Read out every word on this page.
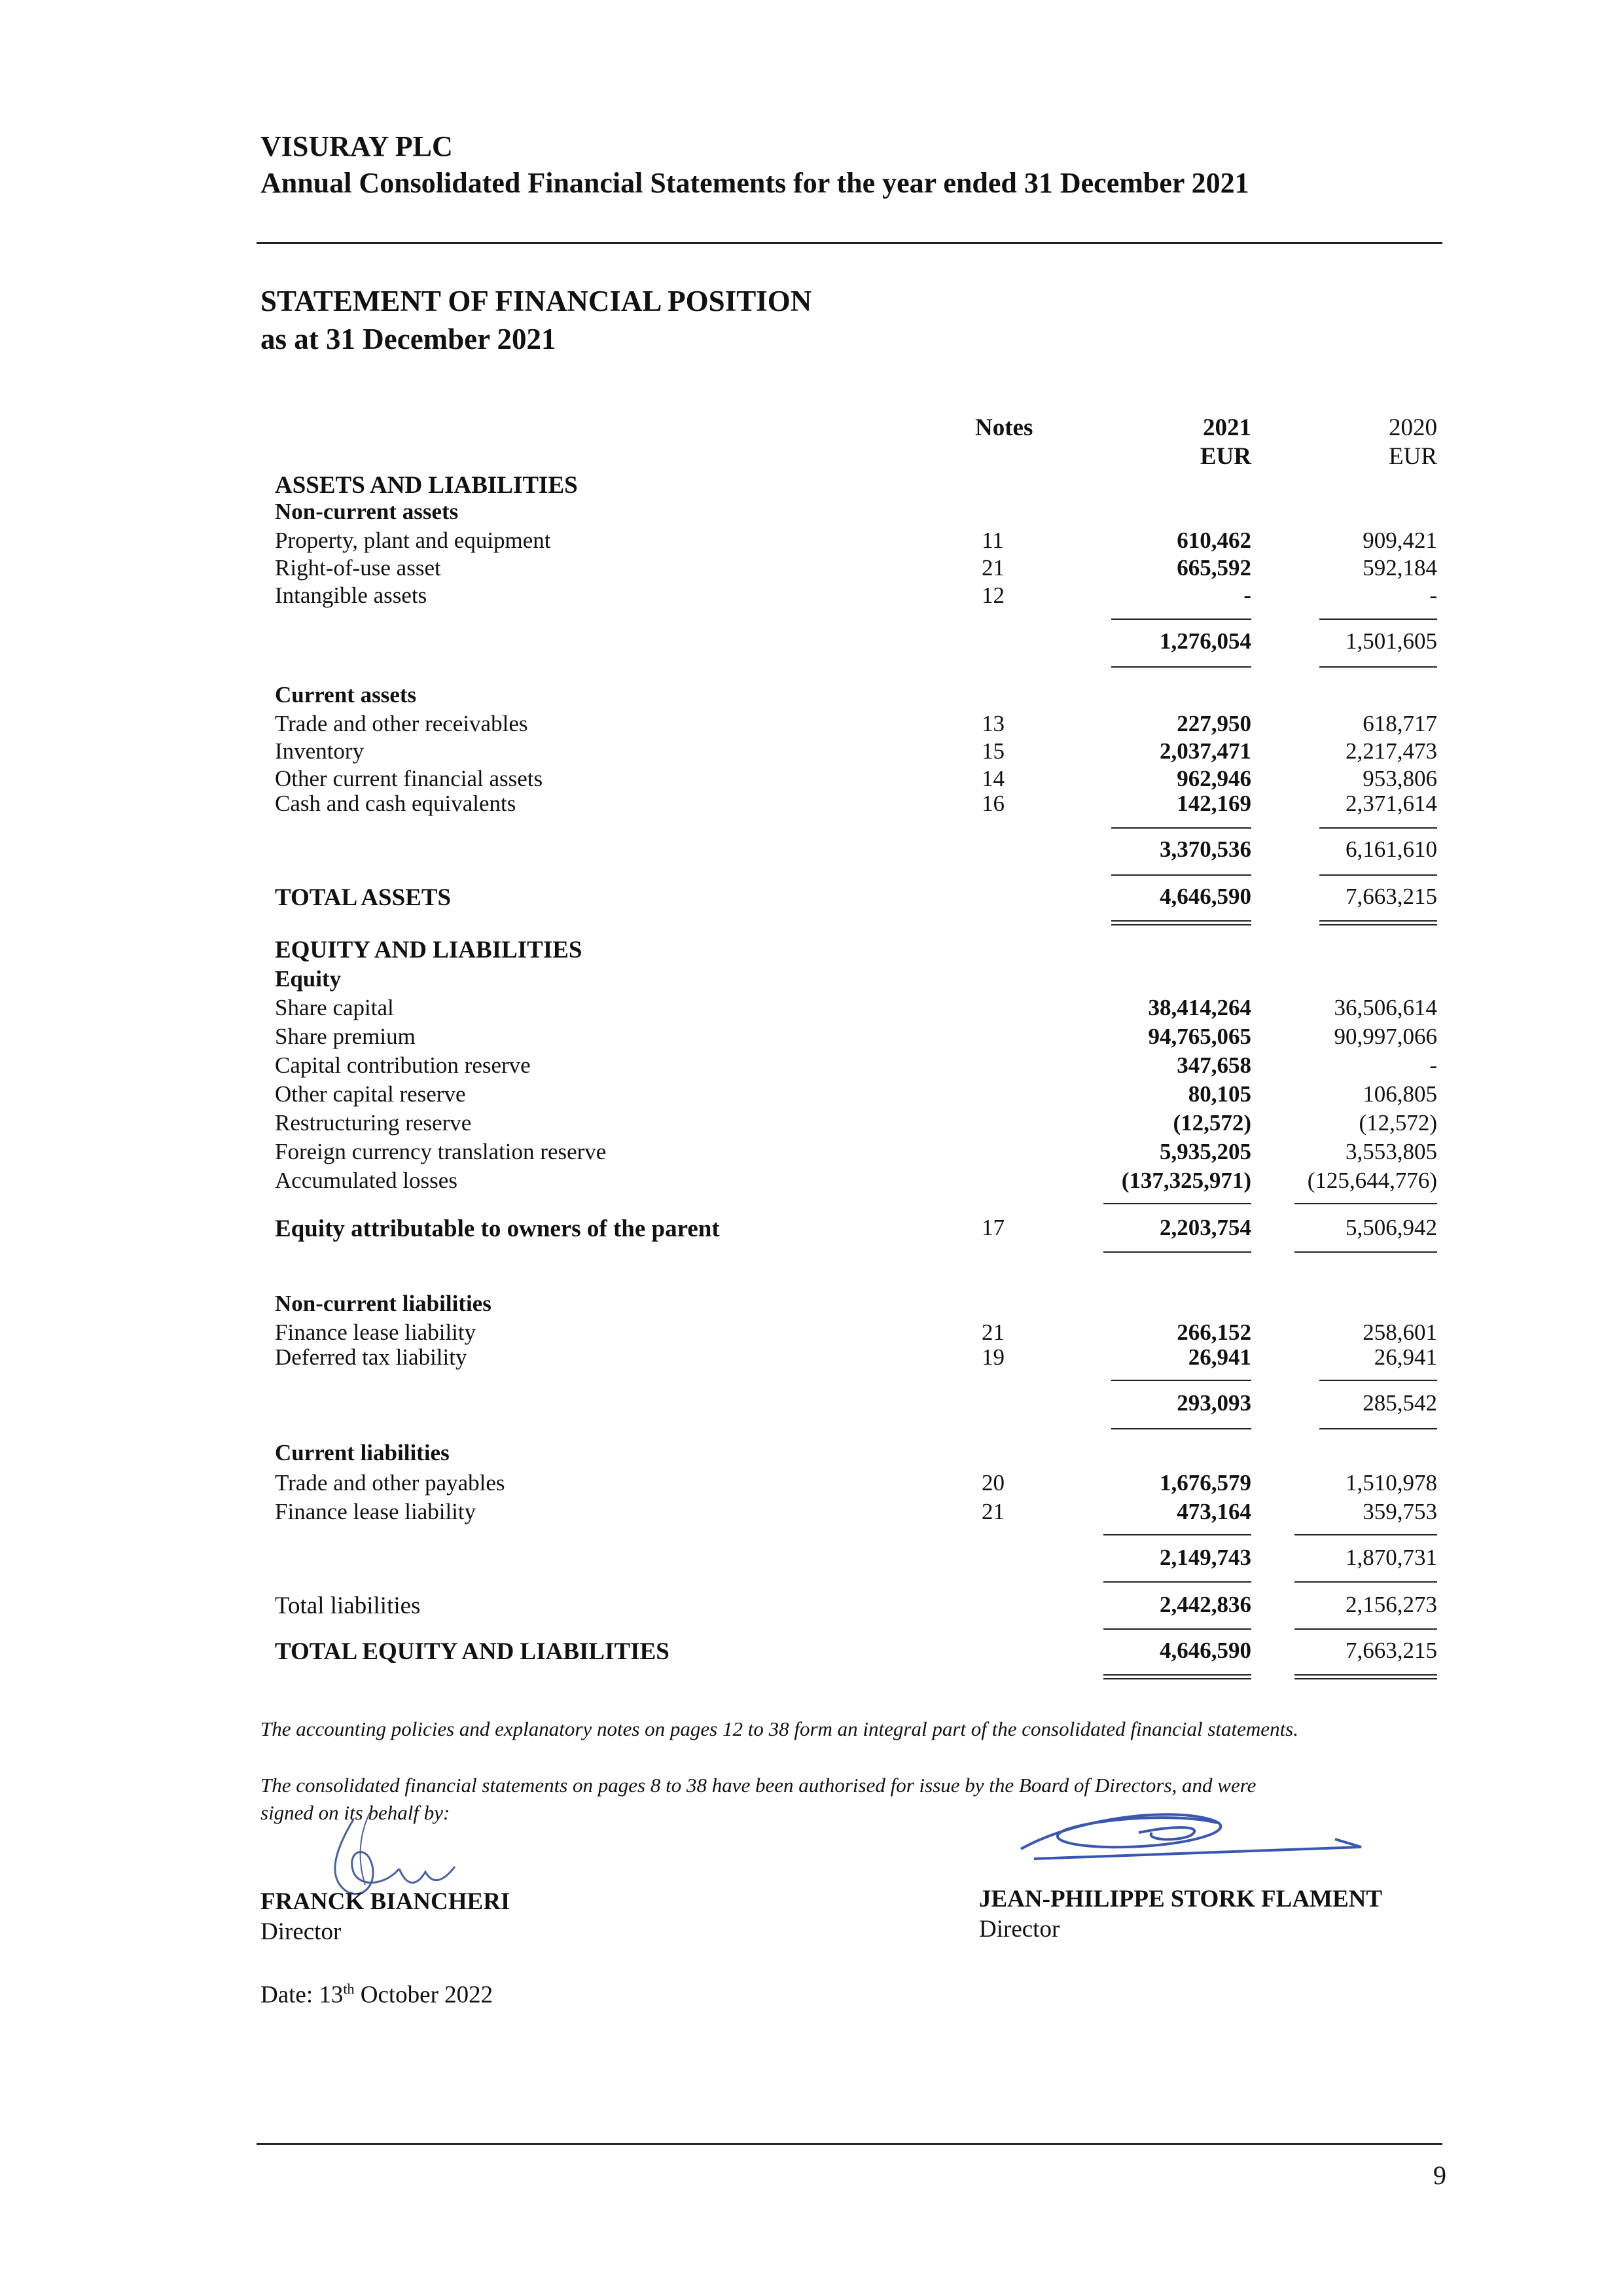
VISURAY PLC
Annual Consolidated Financial Statements for the year ended 31 December 2021
STATEMENT OF FINANCIAL POSITION
as at 31 December 2021
Notes	2021	2020
EUR	EUR
ASSETS AND LIABILITIES
Non-current assets
Property, plant and equipment	11	610,462	909,421
Right-of-use asset	21	665,592	592,184
Intangible assets	12	-	-
1,276,054	1,501,605
Current assets
Trade and other receivables	13	227,950	618,717
Inventory	15	2,037,471	2,217,473
Other current financial assets	14	962,946	953,806
Cash and cash equivalents	16	142,169	2,371,614
3,370,536	6,161,610
TOTAL ASSETS	4,646,590	7,663,215
EQUITY AND LIABILITIES
Equity
Share capital	38,414,264	36,506,614
Share premium	94,765,065	90,997,066
Capital contribution reserve	347,658	-
Other capital reserve	80,105	106,805
Restructuring reserve	(12,572)	(12,572)
Foreign currency translation reserve	5,935,205	3,553,805
Accumulated losses	(137,325,971)	(125,644,776)
Equity attributable to owners of the parent	17	2,203,754	5,506,942
Non-current liabilities
Finance lease liability	21	266,152	258,601
Deferred tax liability	19	26,941	26,941
293,093	285,542
Current liabilities
Trade and other payables	20	1,676,579	1,510,978
Finance lease liability	21	473,164	359,753
2,149,743	1,870,731
Total liabilities	2,442,836	2,156,273
TOTAL EQUITY AND LIABILITIES	4,646,590	7,663,215
The accounting policies and explanatory notes on pages 12 to 38 form an integral part of the consolidated financial statements.
The consolidated financial statements on pages 8 to 38 have been authorised for issue by the Board of Directors, and were
signed on its behalf by:
FRANCK BIANCHERI
Director
JEAN-PHILIPPE STORK FLAMENT
Director
Date: 13th October 2022
9
